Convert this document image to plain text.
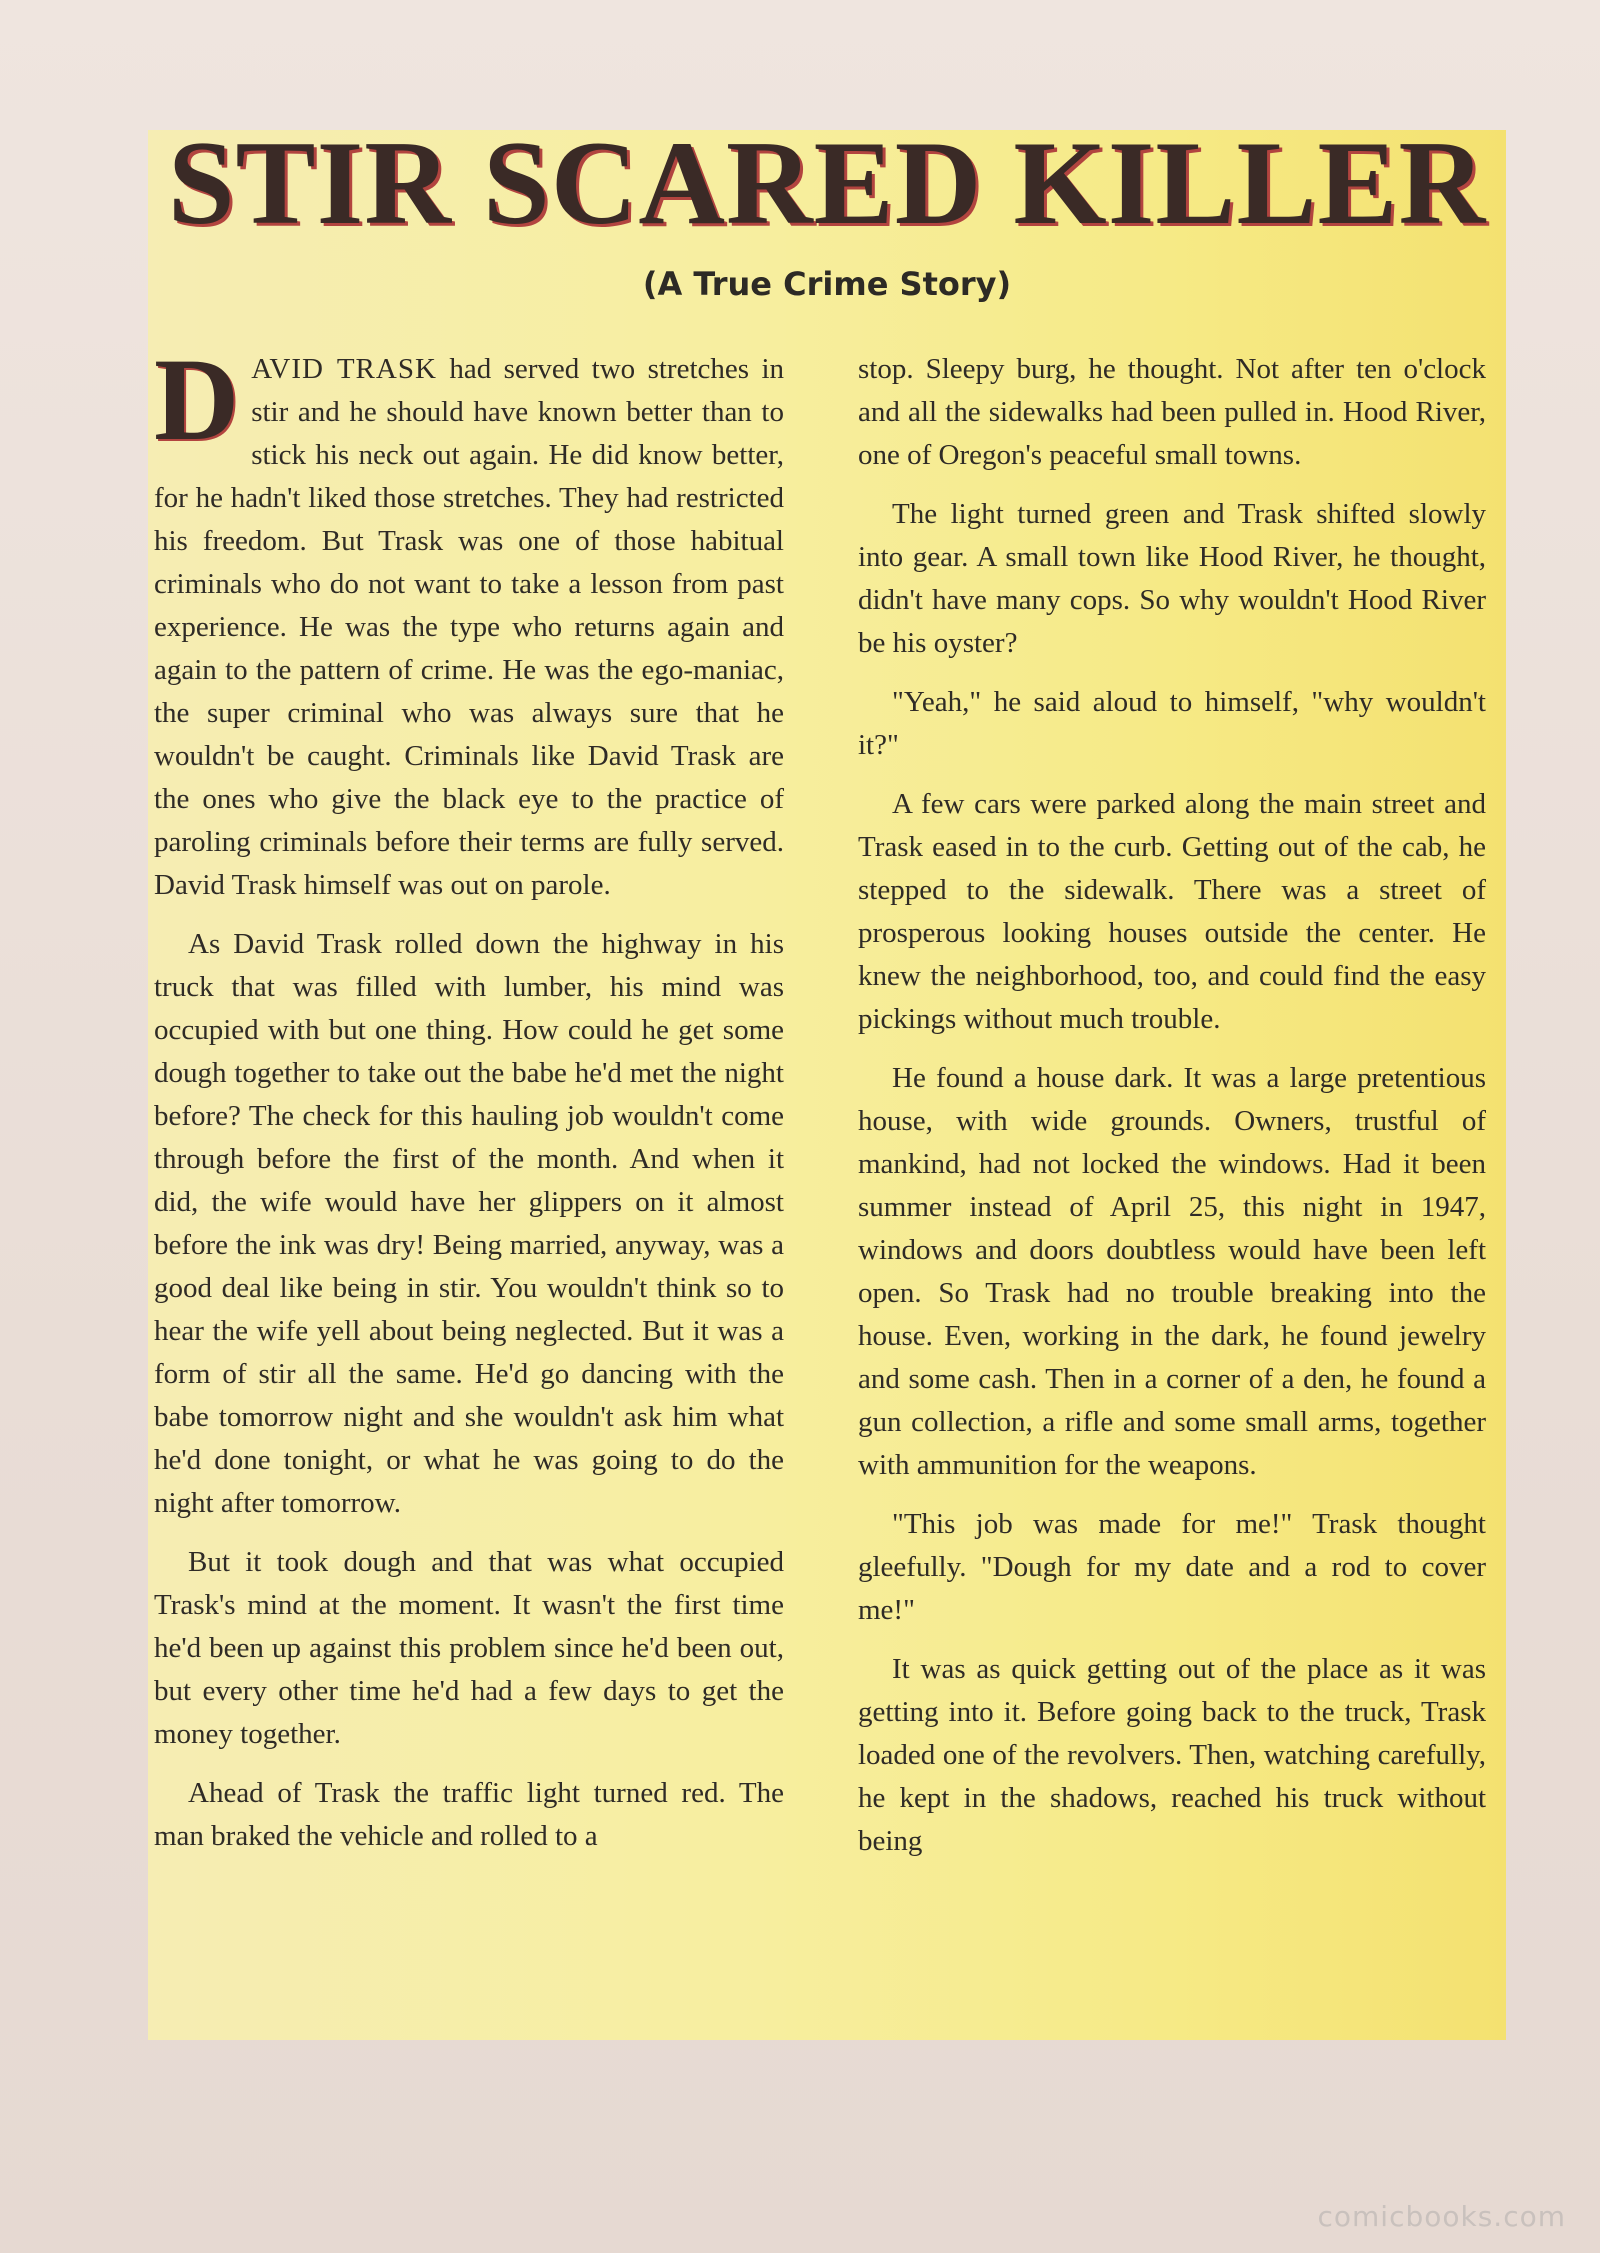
STIR SCARED KILLER
(A True Crime Story)

DAVID TRASK had served two stretches in stir and he should have known better than to stick his neck out again. He did know better, for he hadn't liked those stretches. They had restricted his freedom. But Trask was one of those habitual criminals who do not want to take a lesson from past experience. He was the type who returns again and again to the pattern of crime. He was the ego-maniac, the super criminal who was always sure that he wouldn't be caught. Criminals like David Trask are the ones who give the black eye to the practice of paroling criminals before their terms are fully served. David Trask himself was out on parole.

As David Trask rolled down the highway in his truck that was filled with lumber, his mind was occupied with but one thing. How could he get some dough together to take out the babe he'd met the night before? The check for this hauling job wouldn't come through before the first of the month. And when it did, the wife would have her glippers on it almost before the ink was dry! Being married, anyway, was a good deal like being in stir. You wouldn't think so to hear the wife yell about being neglected. But it was a form of stir all the same. He'd go dancing with the babe tomorrow night and she wouldn't ask him what he'd done tonight, or what he was going to do the night after tomorrow.

But it took dough and that was what occupied Trask's mind at the moment. It wasn't the first time he'd been up against this problem since he'd been out, but every other time he'd had a few days to get the money together.

Ahead of Trask the traffic light turned red. The man braked the vehicle and rolled to a

stop. Sleepy burg, he thought. Not after ten o'clock and all the sidewalks had been pulled in. Hood River, one of Oregon's peaceful small towns.

The light turned green and Trask shifted slowly into gear. A small town like Hood River, he thought, didn't have many cops. So why wouldn't Hood River be his oyster?

"Yeah," he said aloud to himself, "why wouldn't it?"

A few cars were parked along the main street and Trask eased in to the curb. Getting out of the cab, he stepped to the sidewalk. There was a street of prosperous looking houses outside the center. He knew the neighborhood, too, and could find the easy pickings without much trouble.

He found a house dark. It was a large pretentious house, with wide grounds. Owners, trustful of mankind, had not locked the windows. Had it been summer instead of April 25, this night in 1947, windows and doors doubtless would have been left open. So Trask had no trouble breaking into the house. Even, working in the dark, he found jewelry and some cash. Then in a corner of a den, he found a gun collection, a rifle and some small arms, together with ammunition for the weapons.

"This job was made for me!" Trask thought gleefully. "Dough for my date and a rod to cover me!"

It was as quick getting out of the place as it was getting into it. Before going back to the truck, Trask loaded one of the revolvers. Then, watching carefully, he kept in the shadows, reached his truck without being

comicbooks.com
